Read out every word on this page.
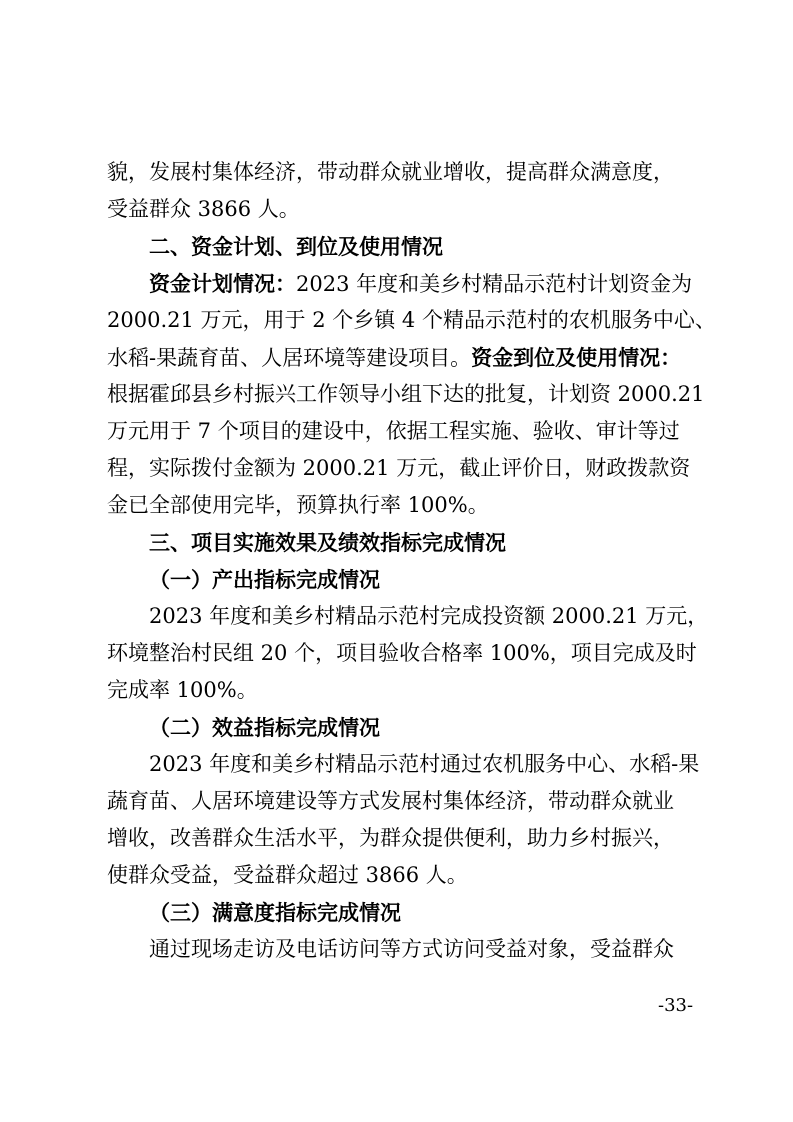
貌，发展村集体经济，带动群众就业增收，提高群众满意度，
受益群众 3866 人。
二、资金计划、到位及使用情况
资金计划情况：2023 年度和美乡村精品示范村计划资金为
2000.21 万元，用于 2 个乡镇 4 个精品示范村的农机服务中心、
水稻-果蔬育苗、人居环境等建设项目。资金到位及使用情况：
根据霍邱县乡村振兴工作领导小组下达的批复，计划资 2000.21
万元用于 7 个项目的建设中，依据工程实施、验收、审计等过
程，实际拨付金额为 2000.21 万元，截止评价日，财政拨款资
金已全部使用完毕，预算执行率 100%。
三、项目实施效果及绩效指标完成情况
（一）产出指标完成情况
2023 年度和美乡村精品示范村完成投资额 2000.21 万元，
环境整治村民组 20 个，项目验收合格率 100%，项目完成及时
完成率 100%。
（二）效益指标完成情况
2023 年度和美乡村精品示范村通过农机服务中心、水稻-果
蔬育苗、人居环境建设等方式发展村集体经济，带动群众就业
增收，改善群众生活水平，为群众提供便利，助力乡村振兴，
使群众受益，受益群众超过 3866 人。
（三）满意度指标完成情况
通过现场走访及电话访问等方式访问受益对象，受益群众
-33-
